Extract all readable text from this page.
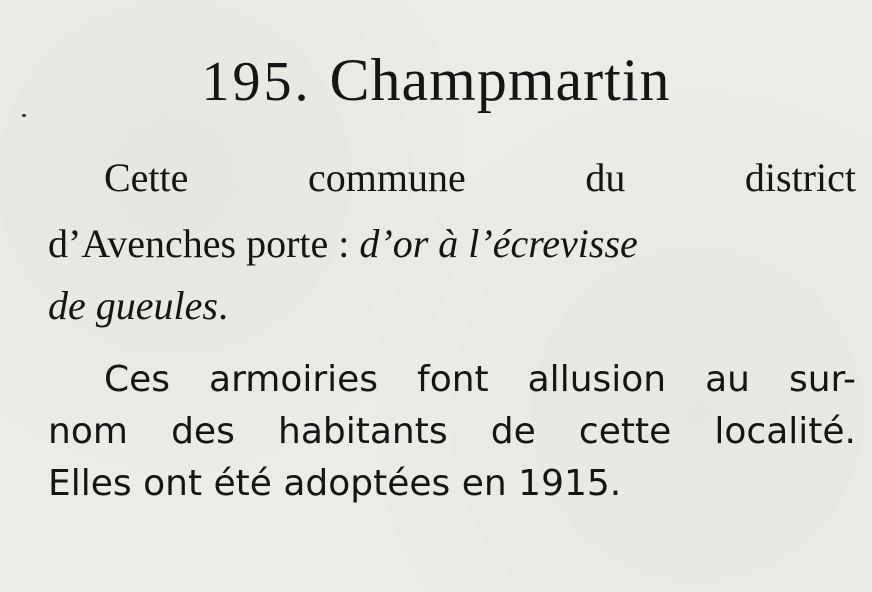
195. Champmartin
Cette	commune	du	district
d’Avenches porte : d’or à l’écrevisse
de gueules.
Ces armoiries font allusion au sur-
nom des habitants de cette localité.
Elles ont été adoptées en 1915.
